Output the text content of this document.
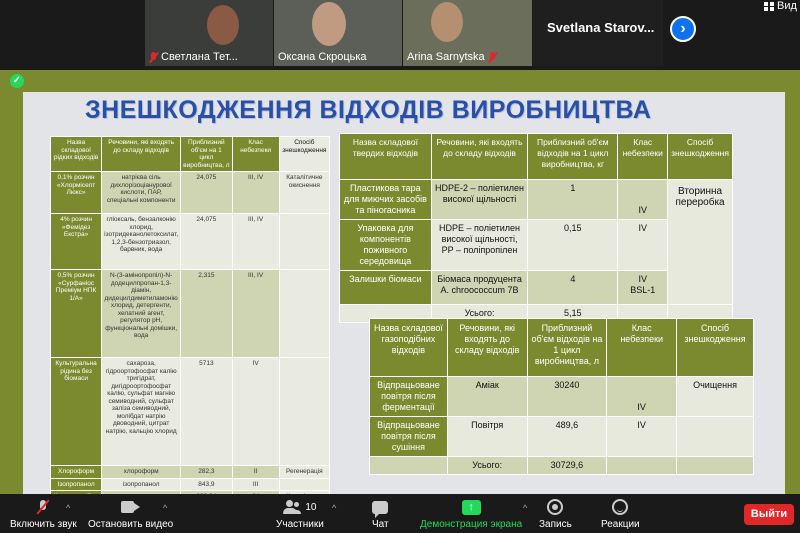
Светлана Тет...	Оксана Скроцька	Arina Sarnytska
Svetlana Starov...	›
Вид
✓
ЗНЕШКОДЖЕННЯ ВІДХОДІВ ВИРОБНИЦТВА
Назва складової рідких відходів	Речовини, які входять до складу відходів	Приблизний об'єм на 1 цикл виробництва, л	Клас небезпеки	Спосіб знешкодження
0,1% розчин «Хлормісепт Люкс»	натрієва сіль дихлорізоціанурової кислоти, ПАР, спеціальні компоненти	24,075	III, IV	Каталітичне окиснення
4% розчин «Фемідез Екстра»	гліоксаль, бензалконію хлорид, ізотридеканолетоксилат, 1,2,3-бензотриазол, барвник, вода	24,075	III, IV	
0,5% розчин «Сурфаніос Преміум НПК 1/A»	N-(3-амінопропіл)-N-додецилпропан-1,3-діамін, дидецилдиметиламонію хлорид, детергенти, хелатний агент, регулятор pH, функціональні домішки, вода	2,315	III, IV	
Культуральна рідина без біомаси	сахароза, гідроортофосфат калію тригідрат, дигідроортофосфат калію, сульфат магнію семиводний, сульфат заліза семиводний, молібдат натрію двоводний, цитрат натрію, кальцію хлорид	5713	IV	
Хлороформ	хлороформ	282,3	II	Регенерація
Ізопропанол	ізопропанол	843,9	III	

Назва складової твердих відходів	Речовини, які входять до складу відходів	Приблизний об'єм відходів на 1 цикл виробництва, кг	Клас небезпеки	Спосіб знешкодження
Пластикова тара для миючих засобів та піногасника	HDPE-2 – поліетилен високої щільності	1	IV	Вторинна переробка
Упаковка для компонентів поживного середовища	HDPE – поліетилен високої щільності, PP – поліпропілен	0,15	IV	
Залишки біомаси	Біомаса продуцента A. chroococcum 7B	4	IV
BSL-1	

	Усього:	5,15		
Назва складової газоподібних відходів	Речовини, які входять до складу відходів	Приблизний об'єм відходів на 1 цикл виробництва, л	Клас небезпеки	Спосіб знешкодження
Відпрацьоване повітря після ферментації	Аміак	30240	IV	Очищення
Відпрацьоване повітря після сушіння	Повітря	489,6	IV	
	Усього:	30729,6		
Включить звук
^
Остановить видео
^	10
Участники
^
Чат
↑
Демонстрация экрана
^
Запись	Реакции
Выйти
